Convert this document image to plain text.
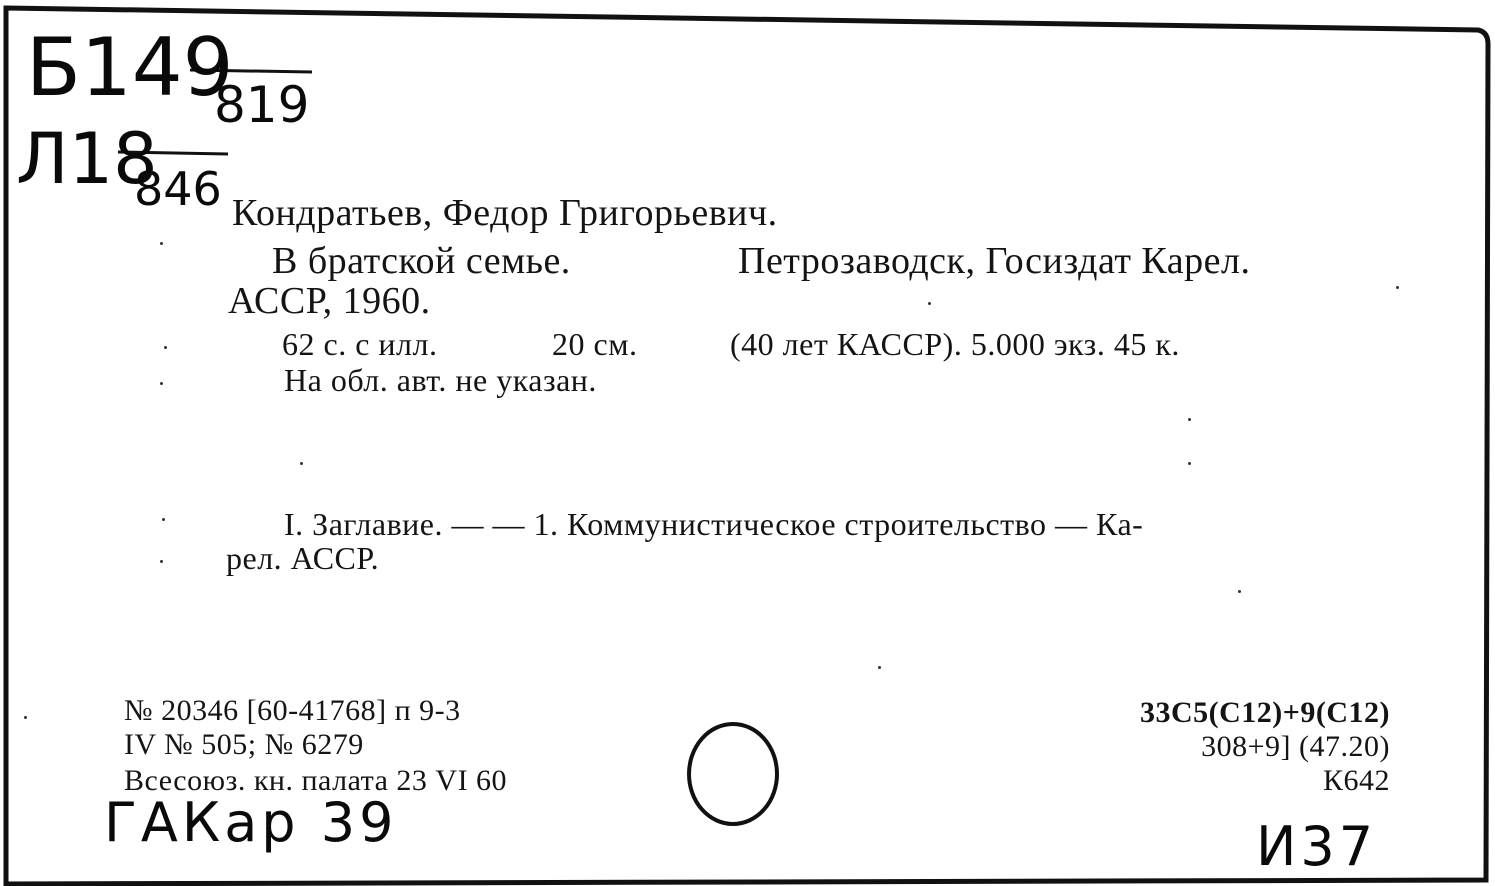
Б149
819
Л18
846 Кондратьев, Федор Григорьевич.
В братской семье.	Петрозаводск, Госиздат Карел.
АССР, 1960.
62 с. с илл.	20 см.	(40 лет КАССР). 5.000 экз. 45 к.
На обл. авт. не указан.
I. Заглавие. — — 1. Коммунистическое строительство — Ка-
рел. АССР.
№ 20346 [60-41768] п 9-3
IV № 505; № 6279
Всесоюз. кн. палата 23 VI 60
33С5(С12)+9(С12)
308+9] (47.20)
К642
ГАКар 39	И37
